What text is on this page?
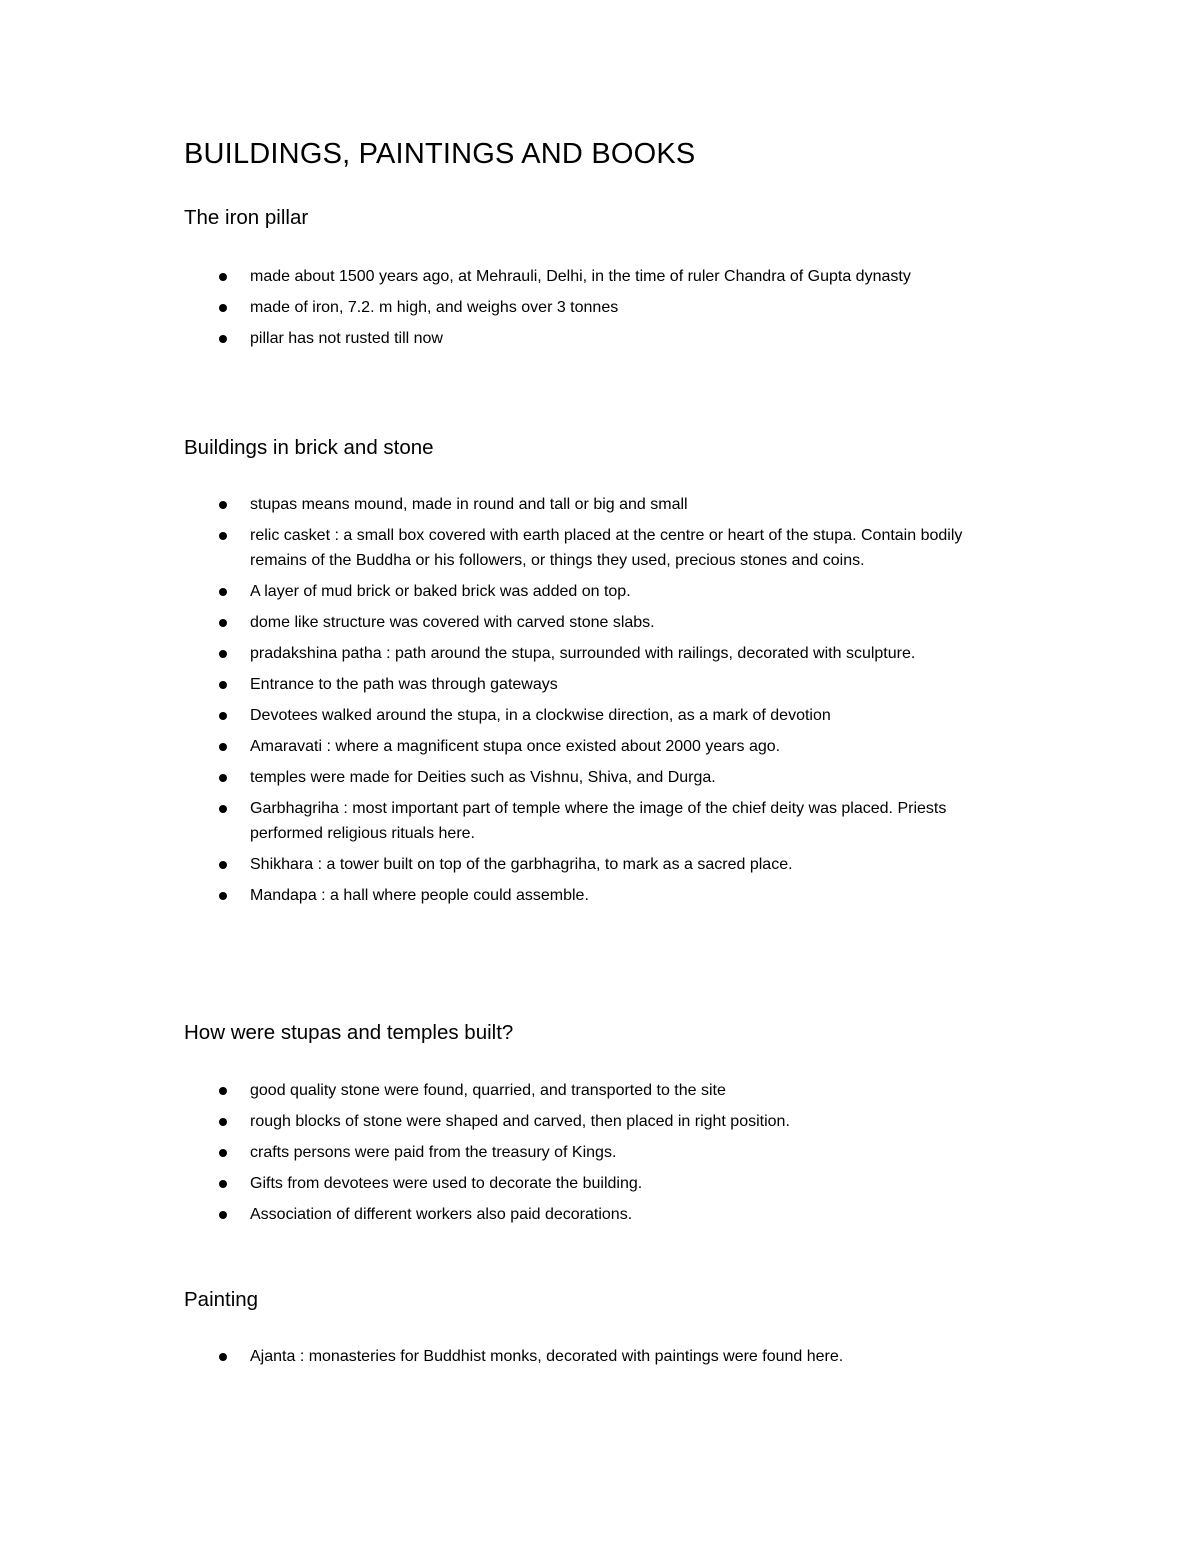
BUILDINGS, PAINTINGS AND BOOKS
The iron pillar
made about 1500 years ago, at Mehrauli, Delhi, in the time of ruler Chandra of Gupta dynasty
made of iron, 7.2. m high, and weighs over 3 tonnes
pillar has not rusted till now
Buildings in brick and stone
stupas means mound, made in round and tall or big and small
relic casket : a small box covered with earth placed at the centre or heart of the stupa. Contain bodily remains of the Buddha or his followers, or things they used, precious stones and coins.
A layer of mud brick or baked brick was added on top.
dome like structure was covered with carved stone slabs.
pradakshina patha : path around the stupa, surrounded with railings, decorated with sculpture.
Entrance to the path was through gateways
Devotees walked around the stupa, in a clockwise direction, as a mark of devotion
Amaravati : where a magnificent stupa once existed about 2000 years ago.
temples were made for Deities such as Vishnu, Shiva, and Durga.
Garbhagriha : most important part of temple where the image of the chief deity was placed. Priests performed religious rituals here.
Shikhara : a tower built on top of the garbhagriha, to mark as a sacred place.
Mandapa : a hall where people could assemble.
How were stupas and temples built?
good quality stone were found, quarried, and transported to the site
rough blocks of stone were shaped and carved, then placed in right position.
crafts persons were paid from the treasury of Kings.
Gifts from devotees were used to decorate the building.
Association of different workers also paid decorations.
Painting
Ajanta : monasteries for Buddhist monks, decorated with paintings were found here.
